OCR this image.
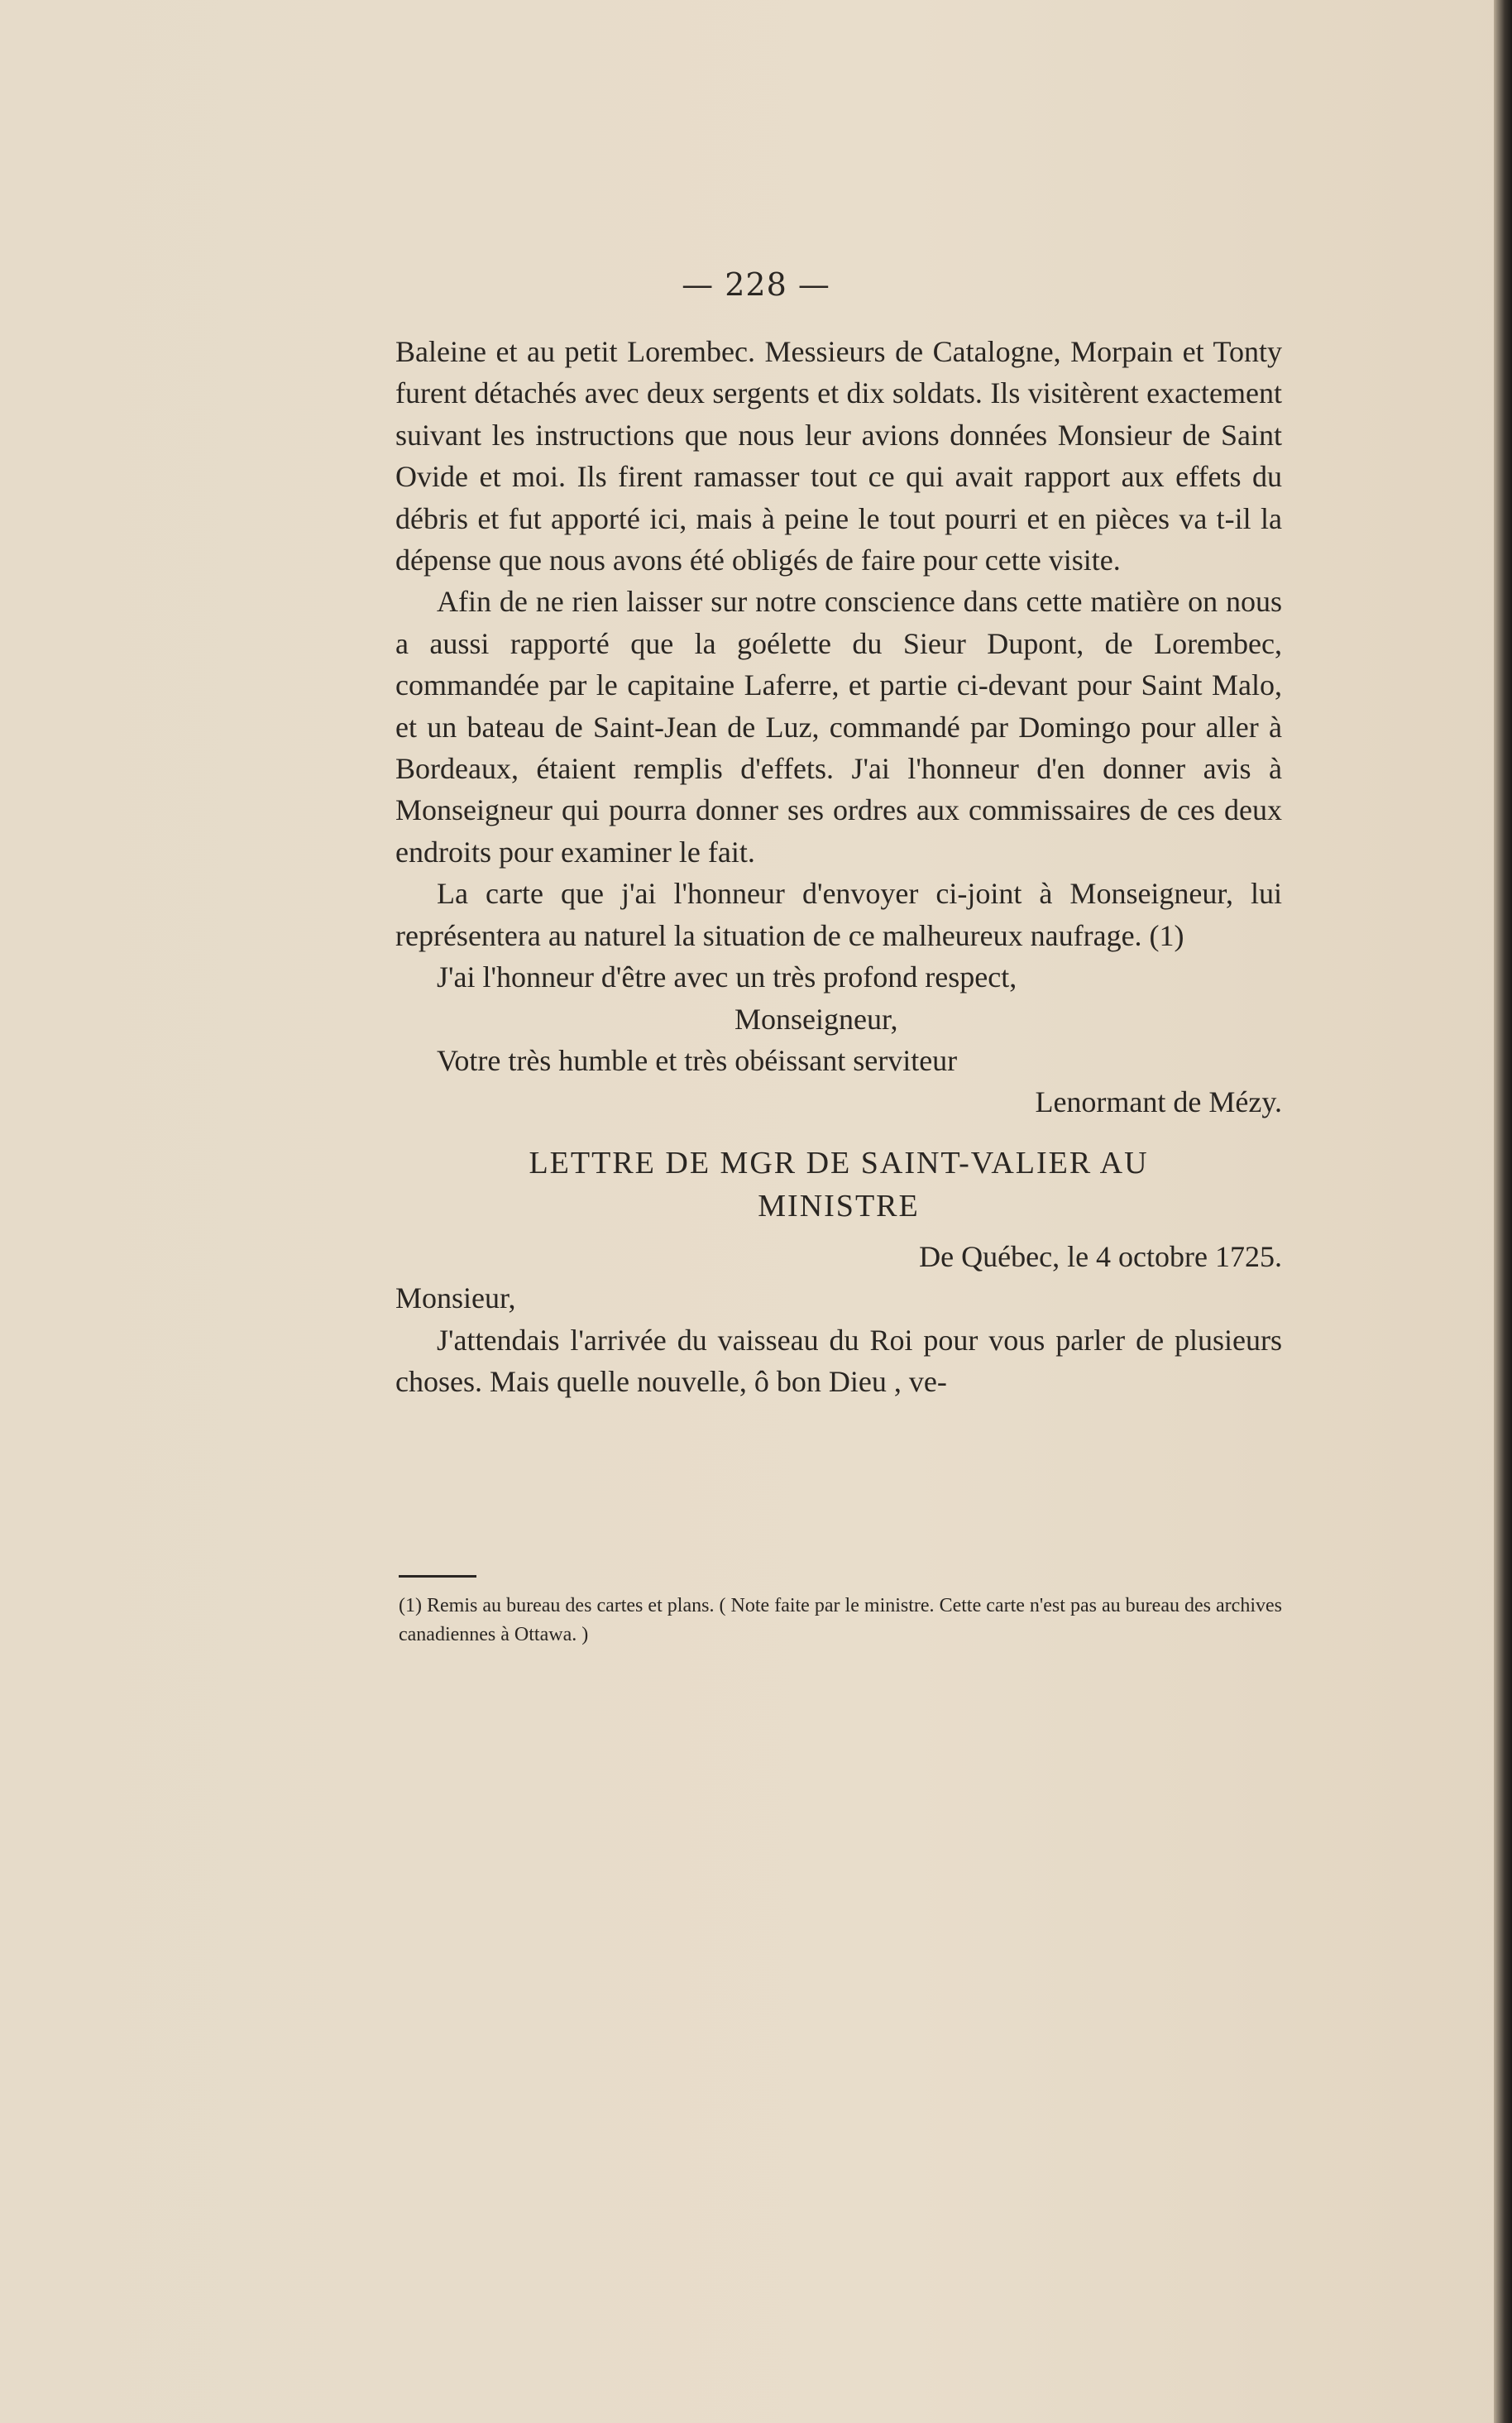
— 228 —

Baleine et au petit Lorembec. Messieurs de Catalogne, Morpain et Tonty furent détachés avec deux sergents et dix soldats. Ils visitèrent exactement suivant les instructions que nous leur avions données Monsieur de Saint Ovide et moi. Ils firent ramasser tout ce qui avait rapport aux effets du débris et fut apporté ici, mais à peine le tout pourri et en pièces va t-il la dépense que nous avons été obligés de faire pour cette visite.

Afin de ne rien laisser sur notre conscience dans cette matière on nous a aussi rapporté que la goélette du Sieur Dupont, de Lorembec, commandée par le capitaine Laferre, et partie ci-devant pour Saint Malo, et un bateau de Saint-Jean de Luz, commandé par Domingo pour aller à Bordeaux, étaient remplis d'effets. J'ai l'honneur d'en donner avis à Monseigneur qui pourra donner ses ordres aux commissaires de ces deux endroits pour examiner le fait.

La carte que j'ai l'honneur d'envoyer ci-joint à Monseigneur, lui représentera au naturel la situation de ce malheureux naufrage. (1)

J'ai l'honneur d'être avec un très profond respect,

Monseigneur,

Votre très humble et très obéissant serviteur

Lenormant de Mézy.

LETTRE DE MGR DE SAINT-VALIER AU
MINISTRE

De Québec, le 4 octobre 1725.

Monsieur,

J'attendais l'arrivée du vaisseau du Roi pour vous parler de plusieurs choses. Mais quelle nouvelle, ô bon Dieu , ve-

(1) Remis au bureau des cartes et plans. ( Note faite par le ministre. Cette carte n'est pas au bureau des archives canadiennes à Ottawa. )
